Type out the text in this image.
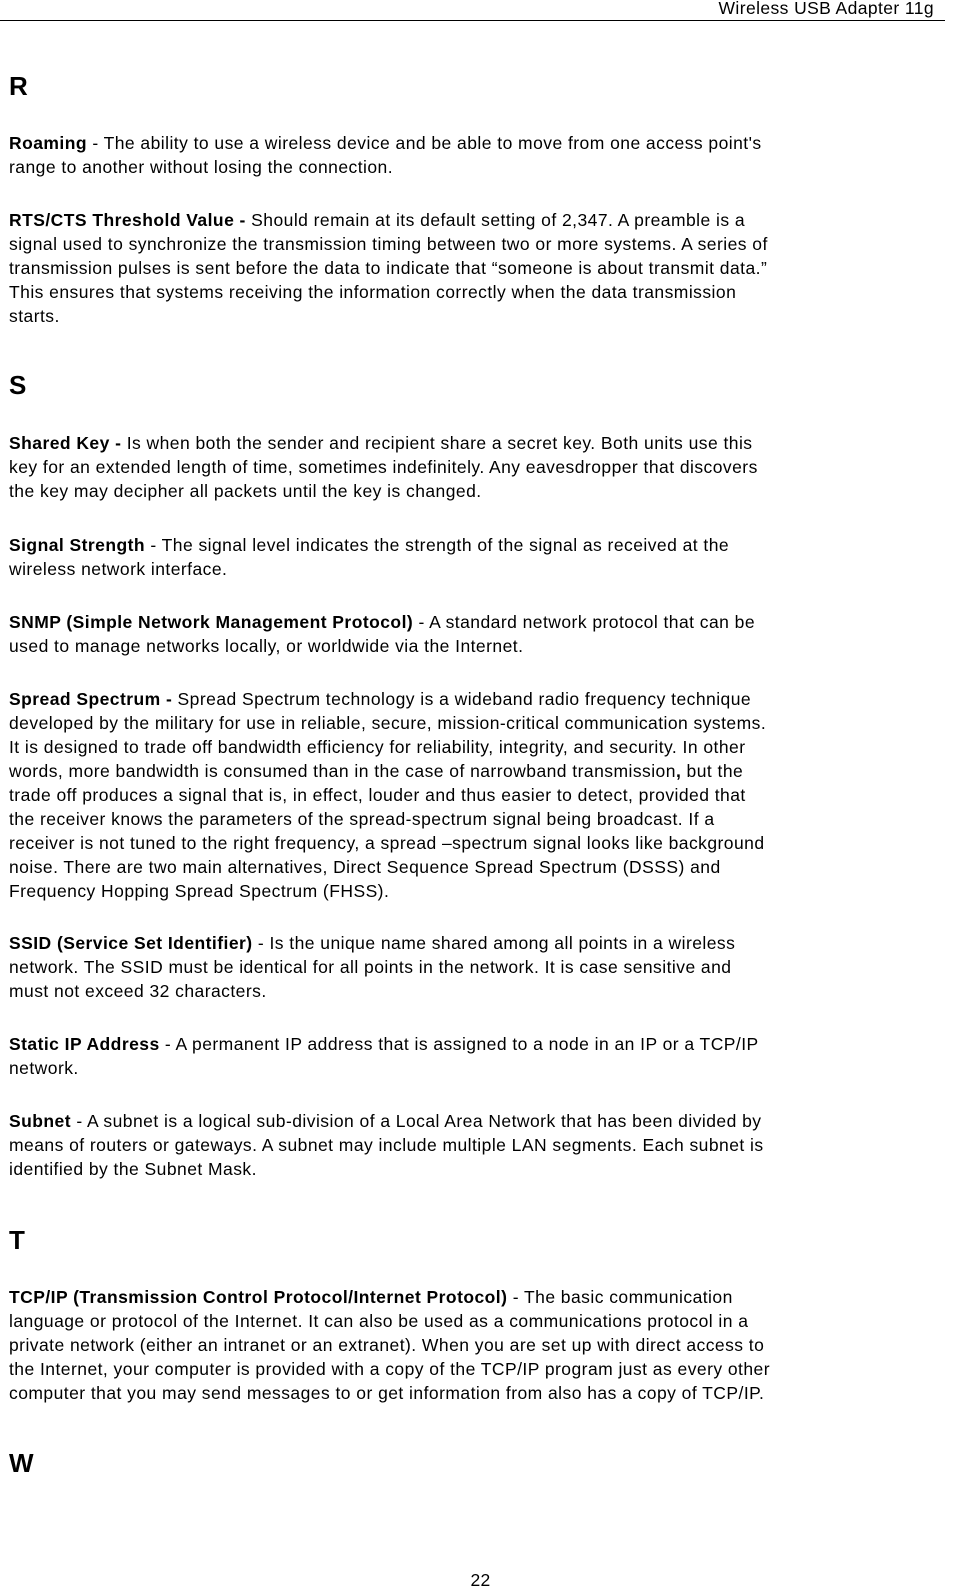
Wireless USB Adapter 11g
R
Roaming - The ability to use a wireless device and be able to move from one access point's
range to another without losing the connection.
RTS/CTS Threshold Value - Should remain at its default setting of 2,347. A preamble is a
signal used to synchronize the transmission timing between two or more systems. A series of
transmission pulses is sent before the data to indicate that “someone is about transmit data.”
This ensures that systems receiving the information correctly when the data transmission
starts.
S
Shared Key - Is when both the sender and recipient share a secret key. Both units use this
key for an extended length of time, sometimes indefinitely. Any eavesdropper that discovers
the key may decipher all packets until the key is changed.
Signal Strength - The signal level indicates the strength of the signal as received at the
wireless network interface.
SNMP (Simple Network Management Protocol) - A standard network protocol that can be
used to manage networks locally, or worldwide via the Internet.
Spread Spectrum - Spread Spectrum technology is a wideband radio frequency technique
developed by the military for use in reliable, secure, mission-critical communication systems.
It is designed to trade off bandwidth efficiency for reliability, integrity, and security. In other
words, more bandwidth is consumed than in the case of narrowband transmission, but the
trade off produces a signal that is, in effect, louder and thus easier to detect, provided that
the receiver knows the parameters of the spread-spectrum signal being broadcast. If a
receiver is not tuned to the right frequency, a spread –spectrum signal looks like background
noise. There are two main alternatives, Direct Sequence Spread Spectrum (DSSS) and
Frequency Hopping Spread Spectrum (FHSS).
SSID (Service Set Identifier) - Is the unique name shared among all points in a wireless
network. The SSID must be identical for all points in the network. It is case sensitive and
must not exceed 32 characters.
Static IP Address - A permanent IP address that is assigned to a node in an IP or a TCP/IP
network.
Subnet - A subnet is a logical sub-division of a Local Area Network that has been divided by
means of routers or gateways. A subnet may include multiple LAN segments. Each subnet is
identified by the Subnet Mask.
T
TCP/IP (Transmission Control Protocol/Internet Protocol) - The basic communication
language or protocol of the Internet. It can also be used as a communications protocol in a
private network (either an intranet or an extranet). When you are set up with direct access to
the Internet, your computer is provided with a copy of the TCP/IP program just as every other
computer that you may send messages to or get information from also has a copy of TCP/IP.
W
22
